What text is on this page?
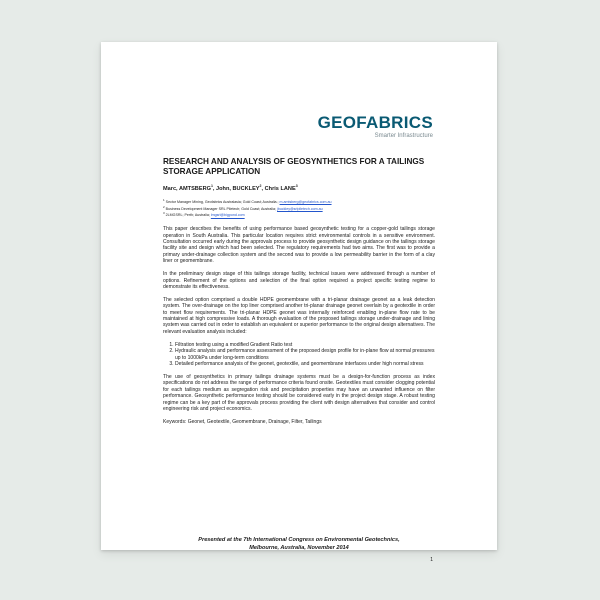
GEOFABRICS
Smarter Infrastructure
RESEARCH AND ANALYSIS OF GEOSYNTHETICS FOR A TAILINGS STORAGE APPLICATION
Marc, AMTSBERG$^1$, John, BUCKLEY$^2$, Chris LANE$^3$
$^1$ Sector Manager Mining, Geofabrics Australasia; Gold Coast; Australia.; m.amtsberg@geofabrics.com.au
$^2$ Business Development Manager SRL Piletech; Gold Coast; Australia; jbuckley@srlpiletech.com.au
$^3$ 2LMGSRL; Perth; Australia; lmgsrl@bigpond.com

This paper describes the benefits of using performance based geosynthetic testing for a copper-gold tailings storage operation in South Australia. This particular location requires strict environmental controls in a sensitive environment. Consultation occurred early during the approvals process to provide geosynthetic design guidance on the tailings storage facility site and design which had been selected. The regulatory requirements had two aims. The first was to provide a primary under-drainage collection system and the second was to provide a low permeability barrier in the form of a clay liner or geomembrane.

In the preliminary design stage of this tailings storage facility, technical issues were addressed through a number of options. Refinement of the options and selection of the final option required a project specific testing regime to demonstrate its effectiveness.

The selected option comprised a double HDPE geomembrane with a tri-planar drainage geonet as a leak detection system. The over-drainage on the top liner comprised another tri-planar drainage geonet overlain by a geotextile in order to meet flow requirements. The tri-planar HDPE geonet was internally reinforced enabling in-plane flow rate to be maintained at high compressive loads. A thorough evaluation of the proposed tailings storage under-drainage and lining system was carried out in order to establish an equivalent or superior performance to the original design alternatives. The relevant evaluation analysis included:

1. Filtration testing using a modified Gradient Ratio test
2. Hydraulic analysis and performance assessment of the proposed design profile for in-plane flow at normal pressures up to 1000kPa under long-term conditions
3. Detailed performance analysis of the geonet, geotextile, and geomembrane interfaces under high normal stress

The use of geosynthetics in primary tailings drainage systems must be a design-for-function process as index specifications do not address the range of performance criteria found onsite. Geotextiles must consider clogging potential for each tailings medium as segregation risk and precipitation properties may have an unwanted influence on filter performance. Geosynthetic performance testing should be considered early in the project design stage. A robust testing regime can be a key part of the approvals process providing the client with design alternatives that consider and control engineering risk and project economics.

Keywords: Geonet, Geotextile, Geomembrane, Drainage, Filter, Tailings
Presented at the 7th International Congress on Environmental Geotechnics,
Melbourne, Australia, November 2014
1
